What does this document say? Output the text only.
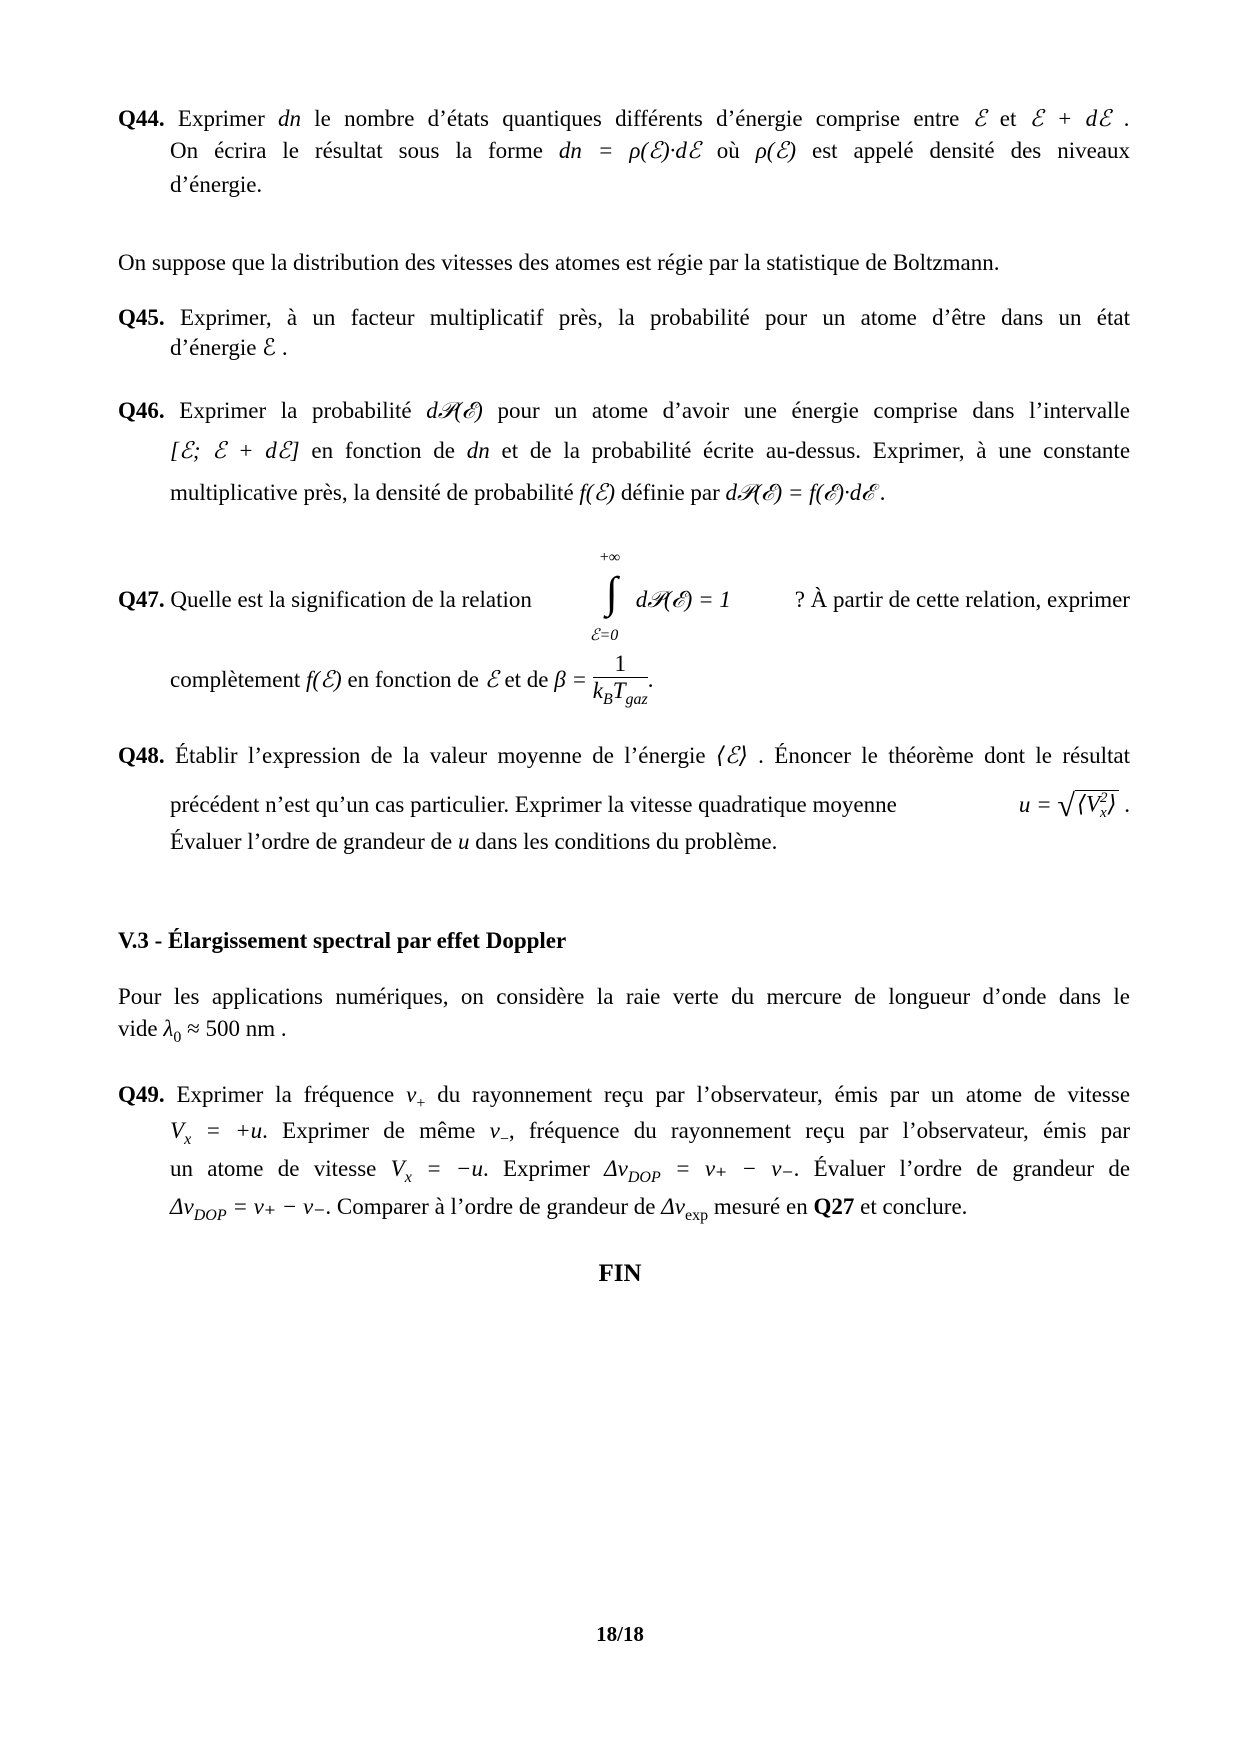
Q44. Exprimer dn le nombre d’états quantiques différents d’énergie comprise entre ℰ et ℰ + dℰ .
On écrira le résultat sous la forme dn = ρ(ℰ)·dℰ où ρ(ℰ) est appelé densité des niveaux
d’énergie.
On suppose que la distribution des vitesses des atomes est régie par la statistique de Boltzmann.
Q45. Exprimer, à un facteur multiplicatif près, la probabilité pour un atome d’être dans un état
d’énergie ℰ .
Q46. Exprimer la probabilité d𝒫(ℰ) pour un atome d’avoir une énergie comprise dans l’intervalle
[ℰ; ℰ + dℰ] en fonction de dn et de la probabilité écrite au-dessus. Exprimer, à une constante
multiplicative près, la densité de probabilité f(ℰ) définie par d𝒫(ℰ) = f(ℰ)·dℰ .
Q47. Quelle est la signification de la relation
+∞
∫
ℰ=0
d𝒫(ℰ) = 1	? À partir de cette relation, exprimer
complètement
f(ℰ)
en fonction de
ℰ
et de
β =
$\frac{1}{k_BT_{gaz}}$ .
Q48. Établir l’expression de la valeur moyenne de l’énergie ⟨ℰ⟩ . Énoncer le théorème dont le résultat
précédent n’est qu’un cas particulier. Exprimer la vitesse quadratique moyenne	u =
√ ⟨V 2
x ⟩
.
Évaluer l’ordre de grandeur de u dans les conditions du problème.
V.3 - Élargissement spectral par effet Doppler
Pour les applications numériques, on considère la raie verte du mercure de longueur d’onde dans le
vide $\lambda_0 \approx 500$ nm .
Q49. Exprimer la fréquence $\nu_+$ du rayonnement reçu par l’observateur, émis par un atome de vitesse
$V_x = +u$. Exprimer de même $\nu_-$, fréquence du rayonnement reçu par l’observateur, émis par
un atome de vitesse $V_x = -u$. Exprimer $\Delta\nu_{DOP} = \nu_+ - \nu_-$. Évaluer l’ordre de grandeur de
$\Delta\nu_{DOP} = \nu_+ - \nu_-$. Comparer à l’ordre de grandeur de $\Delta\nu_{exp}$ mesuré en Q27 et conclure.
FIN
18/18
